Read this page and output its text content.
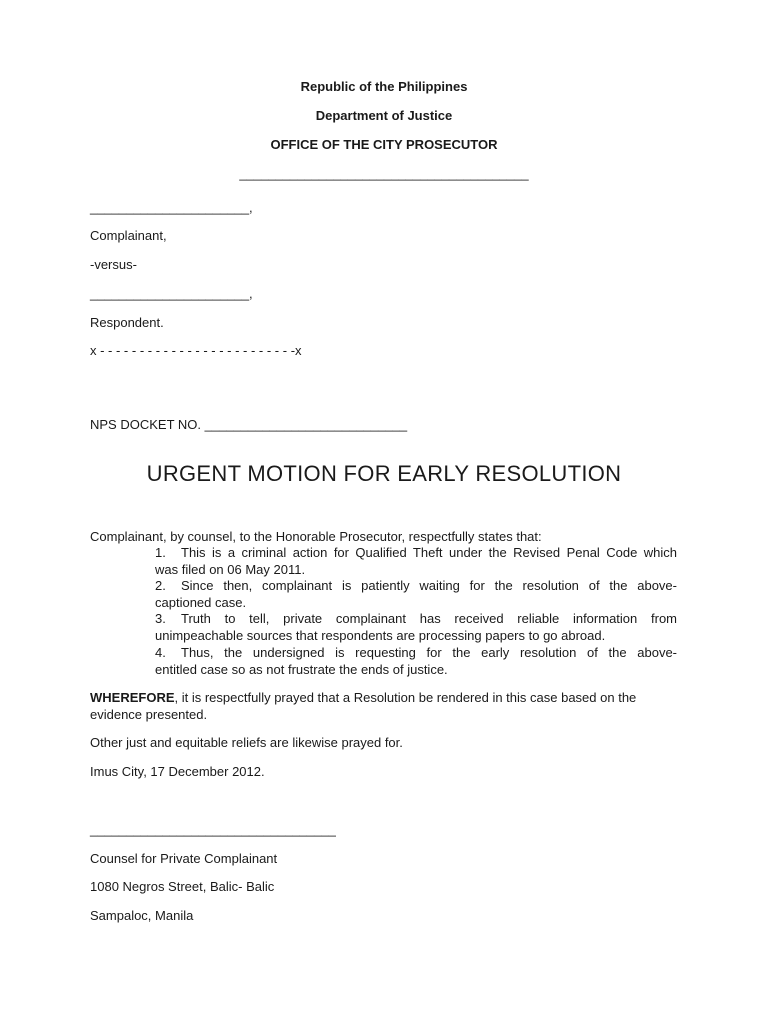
Republic of the Philippines
Department of Justice
OFFICE OF THE CITY PROSECUTOR
________________________________________
______________________,
Complainant,
-versus-
______________________,
Respondent.
x - - - - - - - - - - - - - - - - - - - - - - - - -x
NPS DOCKET NO. ____________________________
URGENT MOTION FOR EARLY RESOLUTION
Complainant, by counsel, to the Honorable Prosecutor, respectfully states that:
1. This is a criminal action for Qualified Theft under the Revised Penal Code which
was filed on 06 May 2011.
2. Since then, complainant is patiently waiting for the resolution of the above-
captioned case.
3. Truth to tell, private complainant has received reliable information from
unimpeachable sources that respondents are processing papers to go abroad.
4. Thus, the undersigned is requesting for the early resolution of the above-
entitled case so as not frustrate the ends of justice.
WHEREFORE, it is respectfully prayed that a Resolution be rendered in this case based on the
evidence presented.
Other just and equitable reliefs are likewise prayed for.
Imus City, 17 December 2012.
__________________________________
Counsel for Private Complainant
1080 Negros Street, Balic- Balic
Sampaloc, Manila
